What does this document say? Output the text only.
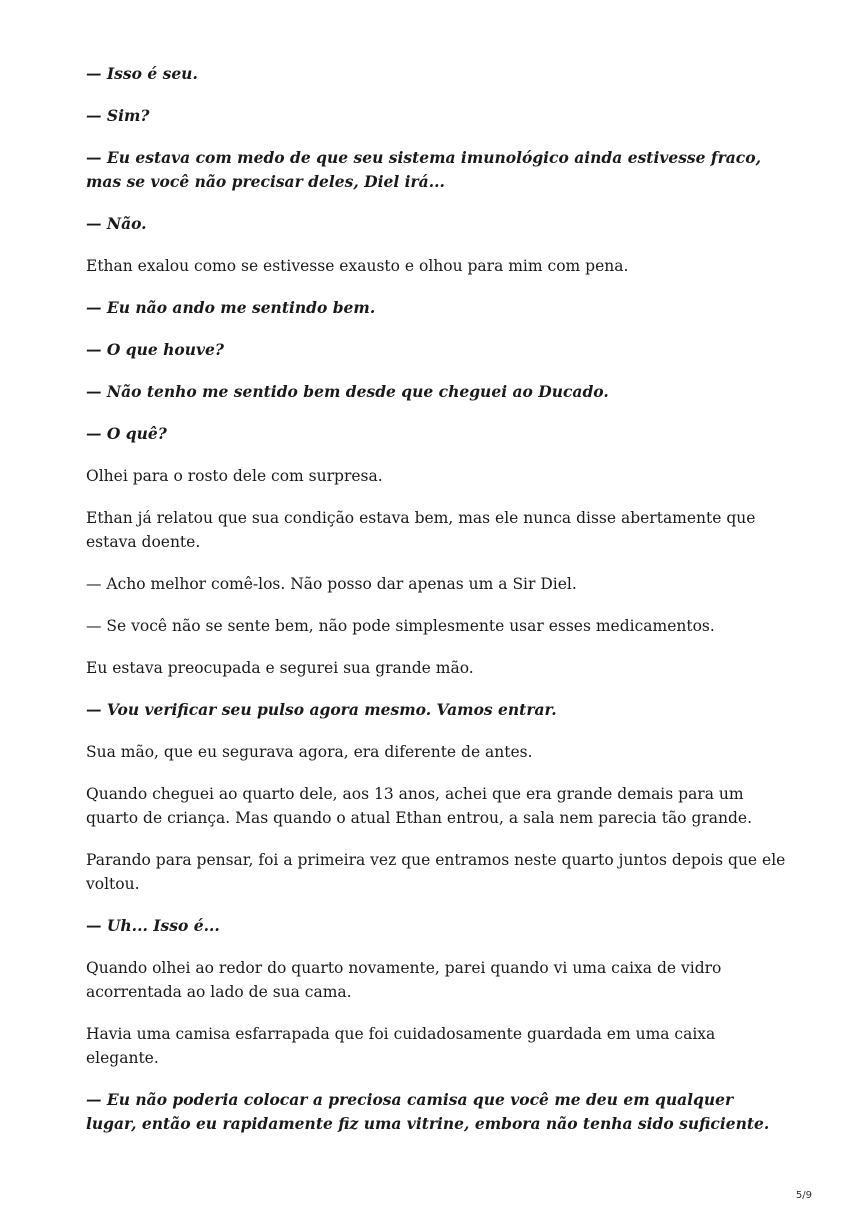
— Isso é seu.

— Sim?

— Eu estava com medo de que seu sistema imunológico ainda estivesse fraco, mas se você não precisar deles, Diel irá...

— Não.

Ethan exalou como se estivesse exausto e olhou para mim com pena.

— Eu não ando me sentindo bem.

— O que houve?

— Não tenho me sentido bem desde que cheguei ao Ducado.

— O quê?

Olhei para o rosto dele com surpresa.

Ethan já relatou que sua condição estava bem, mas ele nunca disse abertamente que estava doente.

— Acho melhor comê-los. Não posso dar apenas um a Sir Diel.

— Se você não se sente bem, não pode simplesmente usar esses medicamentos.

Eu estava preocupada e segurei sua grande mão.

— Vou verificar seu pulso agora mesmo. Vamos entrar.

Sua mão, que eu segurava agora, era diferente de antes.

Quando cheguei ao quarto dele, aos 13 anos, achei que era grande demais para um quarto de criança. Mas quando o atual Ethan entrou, a sala nem parecia tão grande.

Parando para pensar, foi a primeira vez que entramos neste quarto juntos depois que ele voltou.

— Uh... Isso é...

Quando olhei ao redor do quarto novamente, parei quando vi uma caixa de vidro acorrentada ao lado de sua cama.

Havia uma camisa esfarrapada que foi cuidadosamente guardada em uma caixa elegante.

— Eu não poderia colocar a preciosa camisa que você me deu em qualquer lugar, então eu rapidamente fiz uma vitrine, embora não tenha sido suficiente.

5/9
